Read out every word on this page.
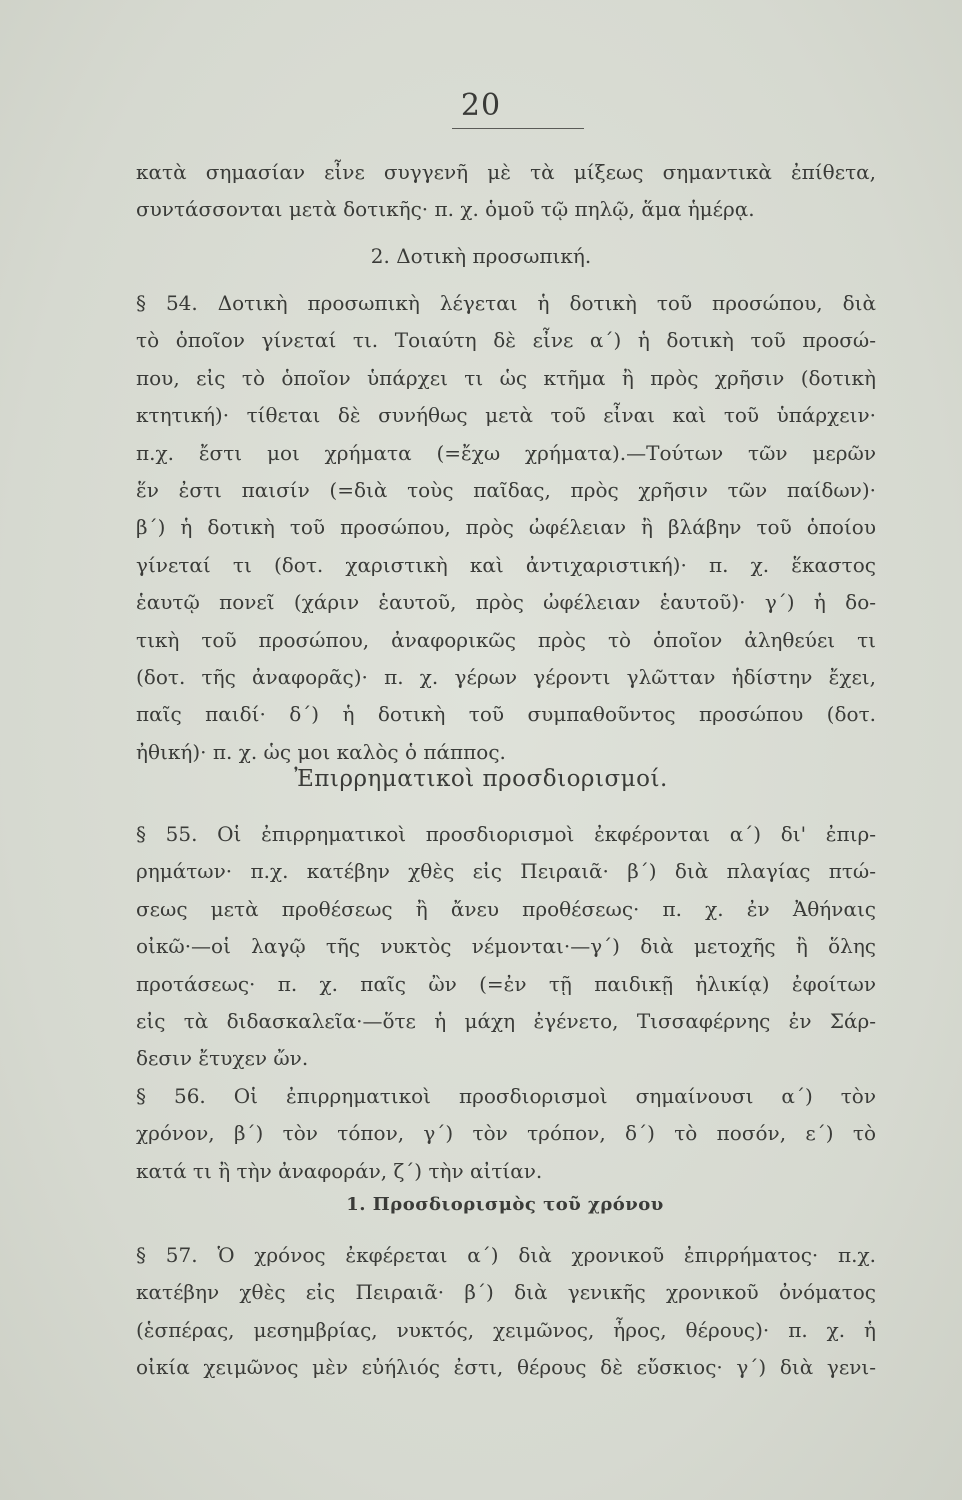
20
κατὰ σημασίαν εἶνε συγγενῆ μὲ τὰ μίξεως σημαντικὰ ἐπίθετα,
συντάσσονται μετὰ δοτικῆς· π. χ. ὁμοῦ τῷ πηλῷ, ἅμα ἡμέρᾳ.
2. Δοτικὴ προσωπική.
§ 54. Δοτικὴ προσωπικὴ λέγεται ἡ δοτικὴ τοῦ προσώπου, διὰ
τὸ ὁποῖον γίνεταί τι. Τοιαύτη δὲ εἶνε α΄) ἡ δοτικὴ τοῦ προσώ-
που, εἰς τὸ ὁποῖον ὑπάρχει τι ὡς κτῆμα ἢ πρὸς χρῆσιν (δοτικὴ
κτητική)· τίθεται δὲ συνήθως μετὰ τοῦ εἶναι καὶ τοῦ ὑπάρχειν·
π.χ. ἔστι μοι χρήματα (=ἔχω χρήματα).—Τούτων τῶν μερῶν
ἕν ἐστι παισίν (=διὰ τοὺς παῖδας, πρὸς χρῆσιν τῶν παίδων)·
β΄) ἡ δοτικὴ τοῦ προσώπου, πρὸς ὠφέλειαν ἢ βλάβην τοῦ ὁποίου
γίνεταί τι (δοτ. χαριστικὴ καὶ ἀντιχαριστική)· π. χ. ἕκαστος
ἑαυτῷ πονεῖ (χάριν ἑαυτοῦ, πρὸς ὠφέλειαν ἑαυτοῦ)· γ΄) ἡ δο-
τικὴ τοῦ προσώπου, ἀναφορικῶς πρὸς τὸ ὁποῖον ἀληθεύει τι
(δοτ. τῆς ἀναφορᾶς)· π. χ. γέρων γέροντι γλῶτταν ἡδίστην ἔχει,
παῖς παιδί· δ΄) ἡ δοτικὴ τοῦ συμπαθοῦντος προσώπου (δοτ.
ἠθική)· π. χ. ὡς μοι καλὸς ὁ πάππος.
Ἐπιρρηματικοὶ προσδιορισμοί.
§ 55. Οἱ ἐπιρρηματικοὶ προσδιορισμοὶ ἐκφέρονται α΄) δι' ἐπιρ-
ρημάτων· π.χ. κατέβην χθὲς εἰς Πειραιᾶ· β΄) διὰ πλαγίας πτώ-
σεως μετὰ προθέσεως ἢ ἄνευ προθέσεως· π. χ. ἐν Ἀθήναις
οἰκῶ·—οἱ λαγῷ τῆς νυκτὸς νέμονται·—γ΄) διὰ μετοχῆς ἢ ὅλης
προτάσεως· π. χ. παῖς ὢν (=ἐν τῇ παιδικῇ ἡλικίᾳ) ἐφοίτων
εἰς τὰ διδασκαλεῖα·—ὅτε ἡ μάχη ἐγένετο, Τισσαφέρνης ἐν Σάρ-
δεσιν ἔτυχεν ὤν.
§ 56. Οἱ ἐπιρρηματικοὶ προσδιορισμοὶ σημαίνουσι α΄) τὸν
χρόνον, β΄) τὸν τόπον, γ΄) τὸν τρόπον, δ΄) τὸ ποσόν, ε΄) τὸ
κατά τι ἢ τὴν ἀναφοράν, ζ΄) τὴν αἰτίαν.
1. Προσδιορισμὸς τοῦ χρόνου
§ 57. Ὁ χρόνος ἐκφέρεται α΄) διὰ χρονικοῦ ἐπιρρήματος· π.χ.
κατέβην χθὲς εἰς Πειραιᾶ· β΄) διὰ γενικῆς χρονικοῦ ὀνόματος
(ἑσπέρας, μεσημβρίας, νυκτός, χειμῶνος, ἦρος, θέρους)· π. χ. ἡ
οἰκία χειμῶνος μὲν εὐήλιός ἐστι, θέρους δὲ εὔσκιος· γ΄) διὰ γενι-
